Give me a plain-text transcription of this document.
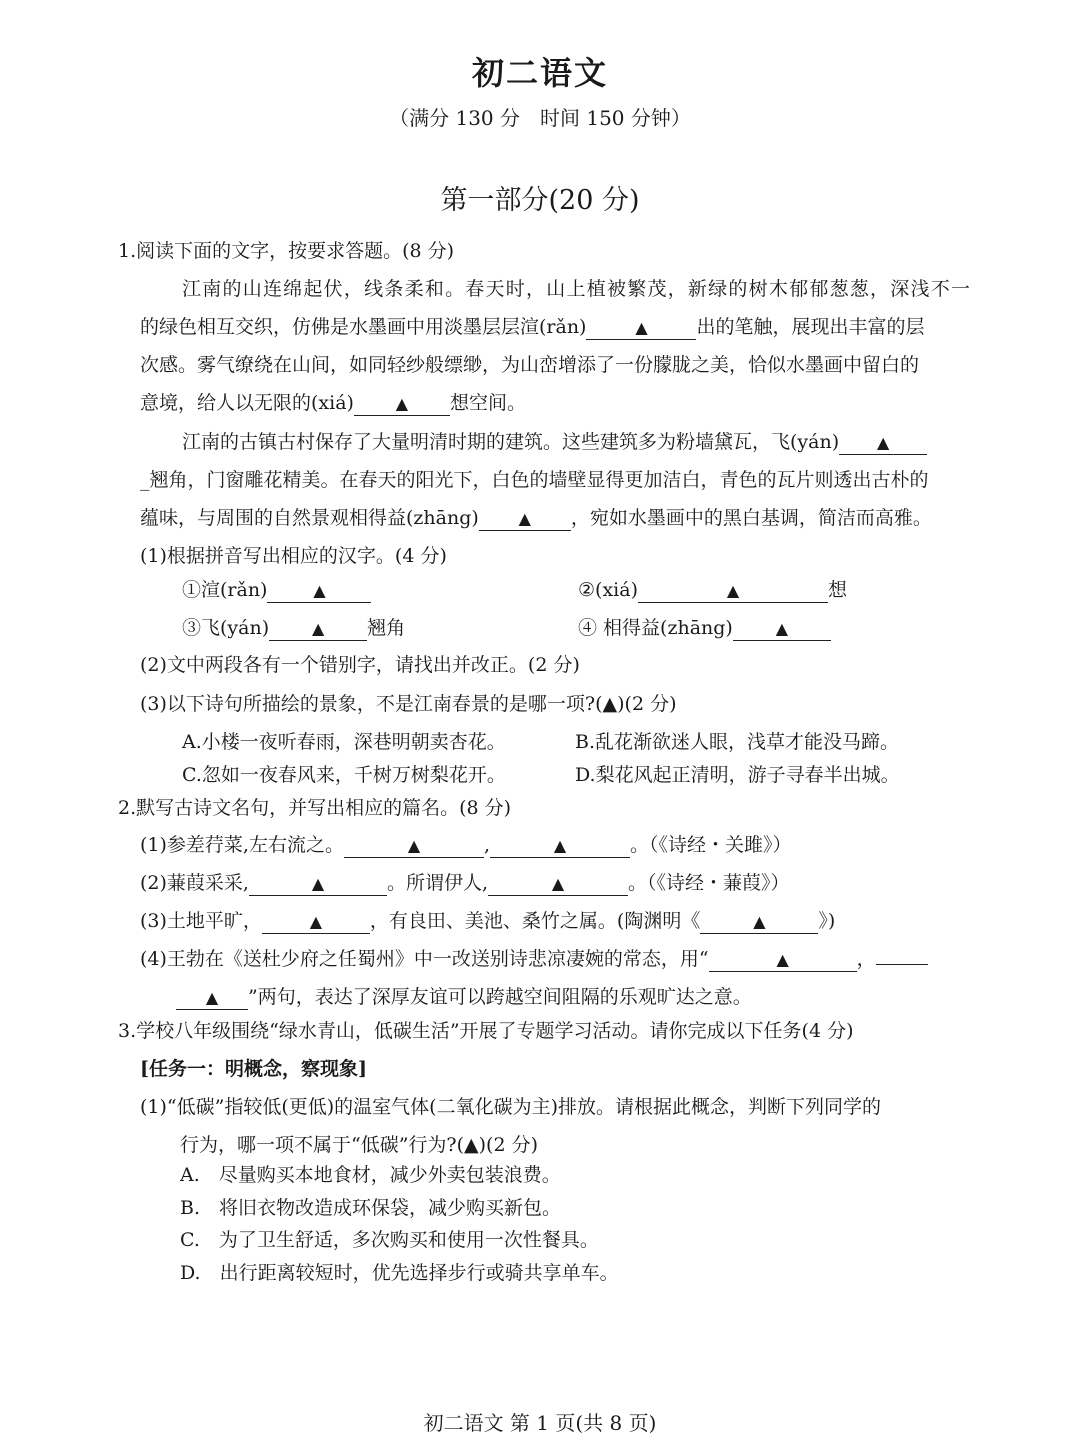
初二语文
（满分 130 分　时间 150 分钟）
第一部分(20 分)
1.阅读下面的文字，按要求答题。(8 分)
江南的山连绵起伏，线条柔和。春天时，山上植被繁茂，新绿的树木郁郁葱葱，深浅不一
的绿色相互交织，仿佛是水墨画中用淡墨层层渲(rǎn)	▲	出的笔触，展现出丰富的层
次感。雾气缭绕在山间，如同轻纱般缥缈，为山峦增添了一份朦胧之美，恰似水墨画中留白的
意境，给人以无限的(xiá)	▲ 想空间。
江南的古镇古村保存了大量明清时期的建筑。这些建筑多为粉墙黛瓦，飞(yán) ▲
_翘角，门窗雕花精美。在春天的阳光下，白色的墙壁显得更加洁白，青色的瓦片则透出古朴的
蕴味，与周围的自然景观相得益(zhāng) ▲ ，宛如水墨画中的黑白基调，简洁而高雅。
(1)根据拼音写出相应的汉字。(4 分)
①渲(rǎn)	▲	②(xiá)	▲	想
③飞(yán)	▲ 翘角	④ 相得益(zhāng)	▲
(2)文中两段各有一个错别字，请找出并改正。(2 分)
(3)以下诗句所描绘的景象，不是江南春景的是哪一项?(▲)(2 分)
A.小楼一夜听春雨，深巷明朝卖杏花。	B.乱花渐欲迷人眼，浅草才能没马蹄。
C.忽如一夜春风来，千树万树梨花开。	D.梨花风起正清明，游子寻春半出城。
2.默写古诗文名句，并写出相应的篇名。(8 分)
(1)参差荇菜,左右流之。	▲	,	▲	。（《诗经・关雎》）
(2)蒹葭采采,	▲	。所谓伊人,	▲	。（《诗经・蒹葭》）
(3)土地平旷，	▲	，有良田、美池、桑竹之属。(陶渊明《	▲	》)
(4)王勃在《送杜少府之任蜀州》中一改送别诗悲凉凄婉的常态，用“	▲	，
▲ ”两句，表达了深厚友谊可以跨越空间阻隔的乐观旷达之意。
3.学校八年级围绕“绿水青山，低碳生活”开展了专题学习活动。请你完成以下任务(4 分)
[任务一：明概念，察现象]
(1)“低碳”指较低(更低)的温室气体(二氧化碳为主)排放。请根据此概念，判断下列同学的
行为，哪一项不属于“低碳”行为?(▲)(2 分)
A.　尽量购买本地食材，减少外卖包装浪费。
B.　将旧衣物改造成环保袋，减少购买新包。
C.　为了卫生舒适，多次购买和使用一次性餐具。
D.　出行距离较短时，优先选择步行或骑共享单车。
初二语文 第 1 页(共 8 页)
